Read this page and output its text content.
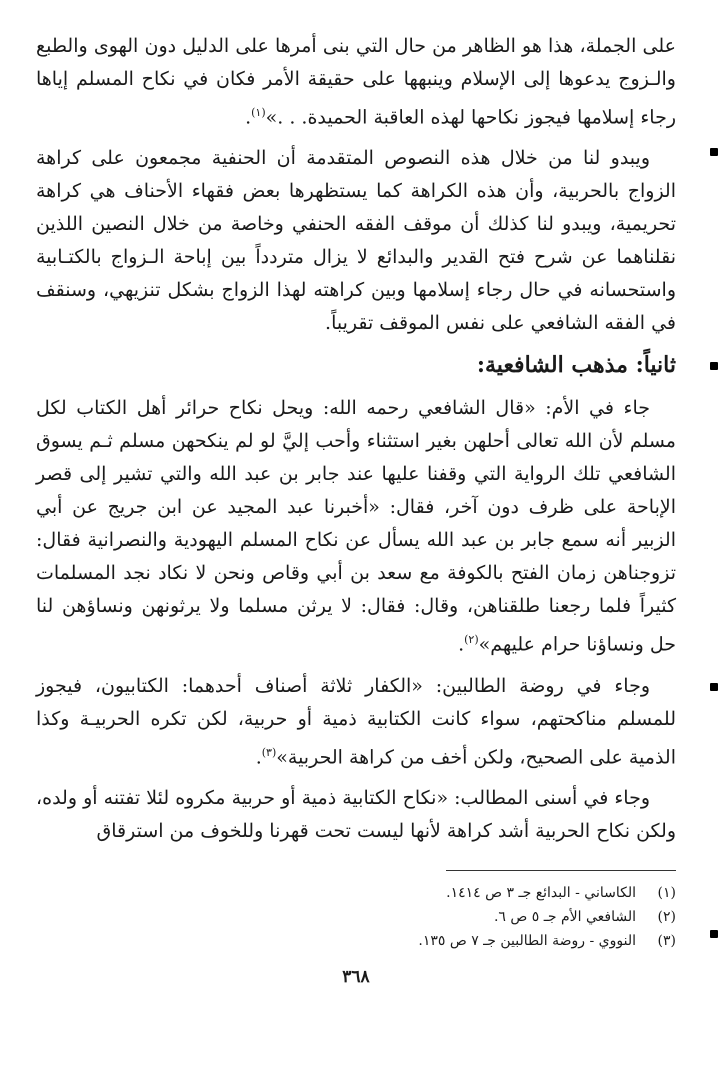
على الجملة، هذا هو الظاهر من حال التي بنى أمرها على الدليل دون الهوى والطبع والـزوج يدعوها إلى الإسلام وينبهها على حقيقة الأمر فكان في نكاح المسلم إياها رجاء إسلامها فيجوز نكاحها لهذه العاقبة الحميدة. . .»$^{(١)}$.

ويبدو لنا من خلال هذه النصوص المتقدمة أن الحنفية مجمعون على كراهة الزواج بالحربية، وأن هذه الكراهة كما يستظهرها بعض فقهاء الأحناف هي كراهة تحريمية، ويبدو لنا كذلك أن موقف الفقه الحنفي وخاصة من خلال النصين اللذين نقلناهما عن شرح فتح القدير والبدائع لا يزال متردداً بين إباحة الـزواج بالكتـابية واستحسانه في حال رجاء إسلامها وبين كراهته لهذا الزواج بشكل تنزيهي، وسنقف في الفقه الشافعي على نفس الموقف تقريباً.

ثانياً: مذهب الشافعية:

جاء في الأم: «قال الشافعي رحمه الله: ويحل نكاح حرائر أهل الكتاب لكل مسلم لأن الله تعالى أحلهن بغير استثناء وأحب إليَّ لو لم ينكحهن مسلم ثـم يسوق الشافعي تلك الرواية التي وقفنا عليها عند جابر بن عبد الله والتي تشير إلى قصر الإباحة على ظرف دون آخر، فقال: «أخبرنا عبد المجيد عن ابن جريج عن أبي الزبير أنه سمع جابر بن عبد الله يسأل عن نكاح المسلم اليهودية والنصرانية فقال: تزوجناهن زمان الفتح بالكوفة مع سعد بن أبي وقاص ونحن لا نكاد نجد المسلمات كثيراً فلما رجعنا طلقناهن، وقال: فقال: لا يرثن مسلما ولا يرثونهن ونساؤهن لنا حل ونساؤنا حرام عليهم»$^{(٢)}$.

وجاء في روضة الطالبين: «الكفار ثلاثة أصناف أحدهما: الكتابيون، فيجوز للمسلم مناكحتهم، سواء كانت الكتابية ذمية أو حربية، لكن تكره الحربيـة وكذا الذمية على الصحيح، ولكن أخف من كراهة الحربية»$^{(٣)}$.

وجاء في أسنى المطالب: «نكاح الكتابية ذمية أو حربية مكروه لئلا تفتنه أو ولده، ولكن نكاح الحربية أشد كراهة لأنها ليست تحت قهرنا وللخوف من استرقاق

(١)
الكاساني - البدائع جـ ٣ ص ١٤١٤.
(٢)
الشافعي الأم جـ ٥ ص ٦.
(٣)
النووي - روضة الطالبين جـ ٧ ص ١٣٥.
٣٦٨
